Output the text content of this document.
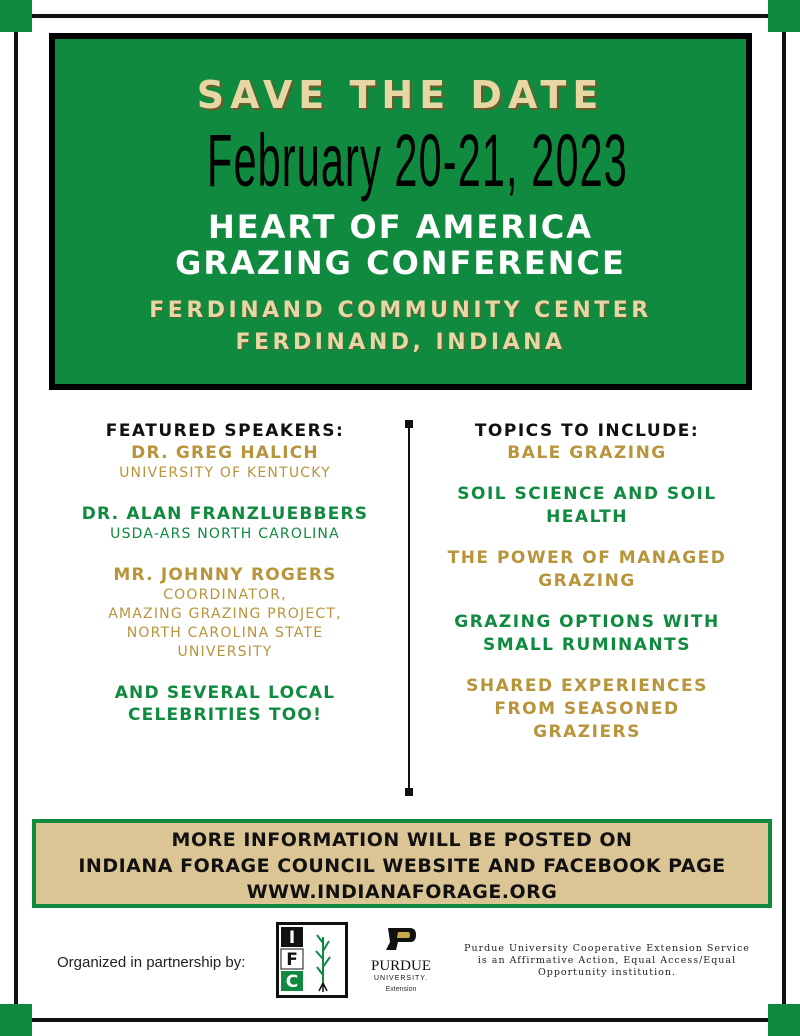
SAVE THE DATE
February 20-21, 2023
HEART OF AMERICA
GRAZING CONFERENCE
FERDINAND COMMUNITY CENTER
FERDINAND, INDIANA
FEATURED SPEAKERS:
DR. GREG HALICH
UNIVERSITY OF KENTUCKY
DR. ALAN FRANZLUEBBERS
USDA-ARS NORTH CAROLINA
MR. JOHNNY ROGERS
COORDINATOR,
AMAZING GRAZING PROJECT,
NORTH CAROLINA STATE
UNIVERSITY
AND SEVERAL LOCAL
CELEBRITIES TOO!
TOPICS TO INCLUDE:
BALE GRAZING
SOIL SCIENCE AND SOIL
HEALTH
THE POWER OF MANAGED
GRAZING
GRAZING OPTIONS WITH
SMALL RUMINANTS
SHARED EXPERIENCES
FROM SEASONED
GRAZIERS
MORE INFORMATION WILL BE POSTED ON
INDIANA FORAGE COUNCIL WEBSITE AND FACEBOOK PAGE
WWW.INDIANAFORAGE.ORG
Organized in partnership by:
I
F
C
PURDUE
UNIVERSITY.
Extension
Purdue University Cooperative Extension Service
is an Affirmative Action, Equal Access/Equal
Opportunity institution.
